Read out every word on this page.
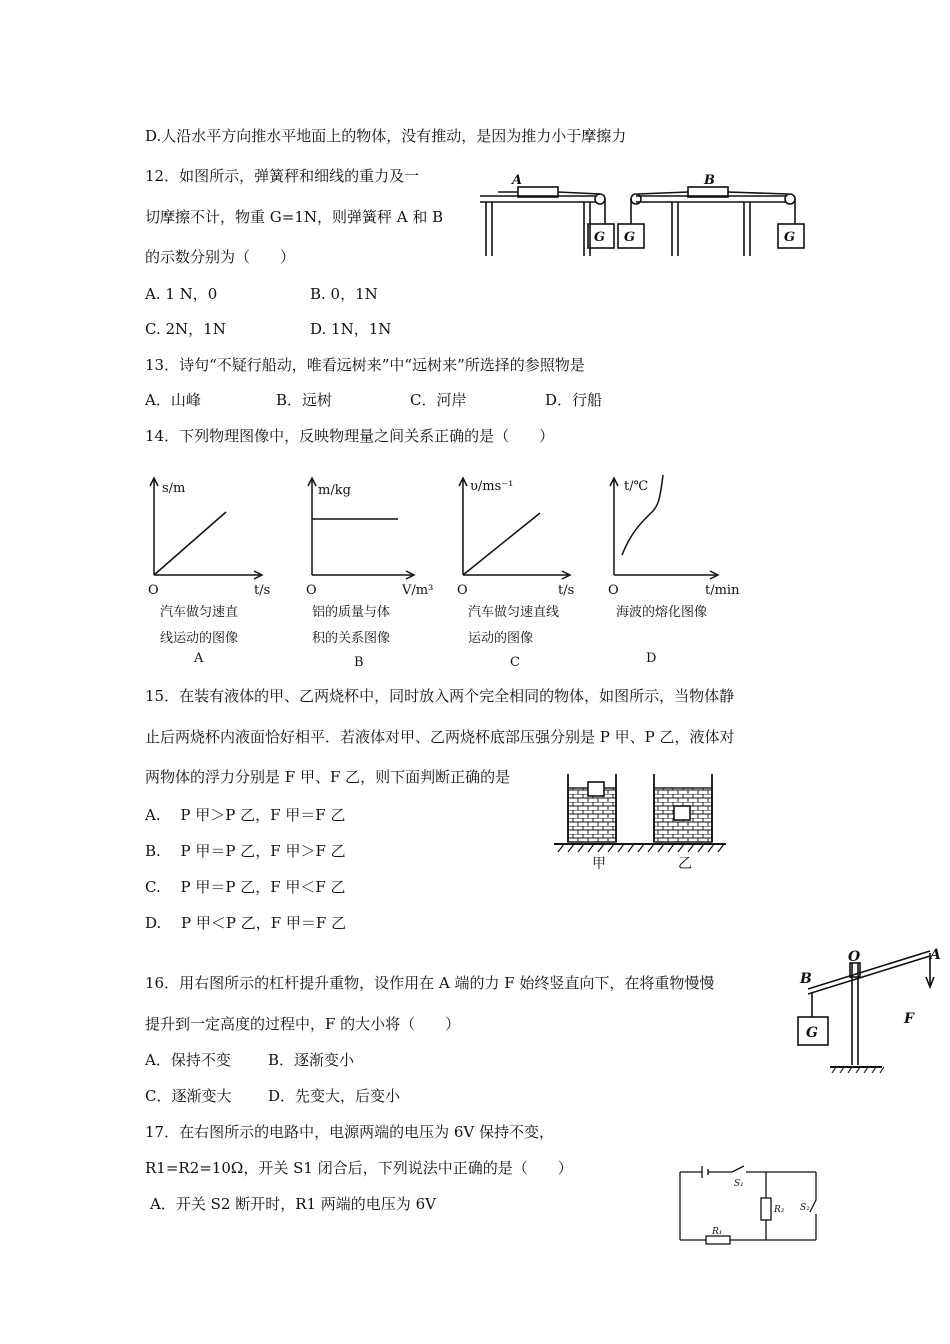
D.人沿水平方向推水平地面上的物体，没有推动，是因为推力小于摩擦力
12．如图所示，弹簧秤和细线的重力及一
切摩擦不计，物重 G=1N，则弹簧秤 A 和 B
的示数分别为（　　）
A. 1 N，0	B. 0，1N
C. 2N，1N	D. 1N，1N
A	B
G G	G
13．诗句“不疑行船动，唯看远树来”中“远树来”所选择的参照物是
A．山峰	B．远树	C．河岸	D．行船
14．下列物理图像中，反映物理量之间关系正确的是（　　）
s/m
O	t/s
汽车做匀速直
线运动的图像
A
m/kg
O	V/m³
铝的质量与体
积的关系图像
B
υ/ms⁻¹
O	t/s
汽车做匀速直线
运动的图像
C
t/℃
O	t/min
海波的熔化图像
D
15．在装有液体的甲、乙两烧杯中，同时放入两个完全相同的物体，如图所示，当物体静
止后两烧杯内液面恰好相平．若液体对甲、乙两烧杯底部压强分别是 P 甲、P 乙，液体对
两物体的浮力分别是 F 甲、F 乙，则下面判断正确的是
A.　 P 甲＞P 乙，F 甲＝F 乙
B.　 P 甲＝P 乙，F 甲＞F 乙
C.　 P 甲＝P 乙，F 甲＜F 乙
D.　 P 甲＜P 乙，F 甲＝F 乙
甲	乙
16．用右图所示的杠杆提升重物，设作用在 A 端的力 F 始终竖直向下，在将重物慢慢
提升到一定高度的过程中，F 的大小将（　　）
A．保持不变 B．逐渐变小
C．逐渐变大 D．先变大，后变小
O	A
B
F
G
17．在右图所示的电路中，电源两端的电压为 6V 保持不变，
R1=R2=10Ω，开关 S1 闭合后，下列说法中正确的是（　　）
A．开关 S2 断开时，R1 两端的电压为 6V
S₁
R₂ S₂
R₁
